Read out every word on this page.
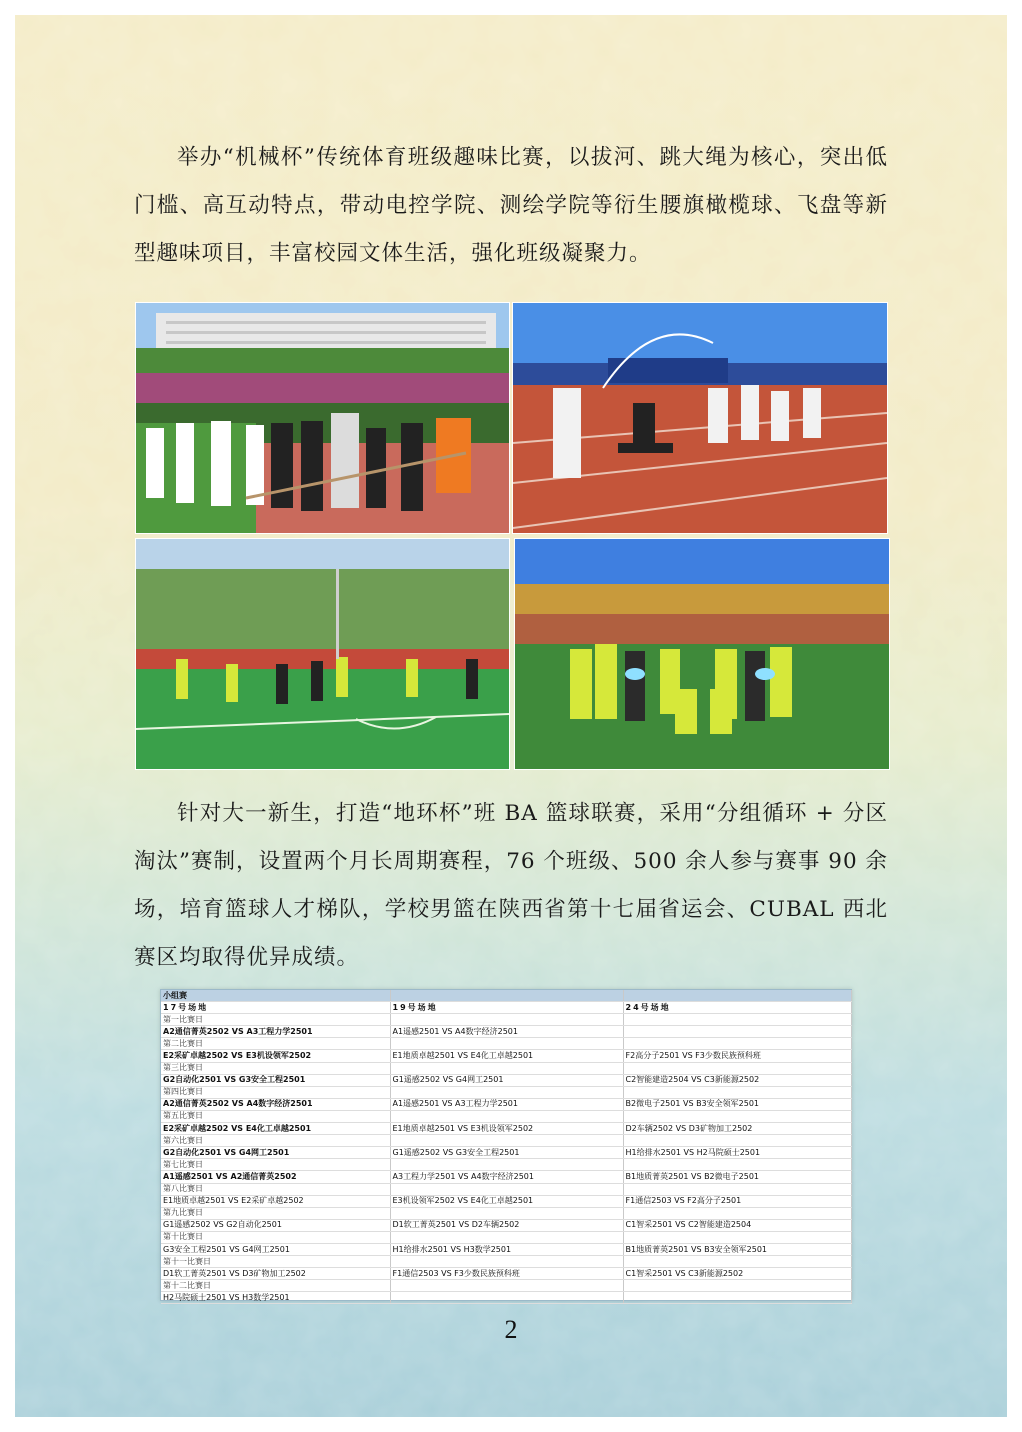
举办“机械杯”传统体育班级趣味比赛，以拔河、跳大绳为核心，突出低门槛、高互动特点，带动电控学院、测绘学院等衍生腰旗橄榄球、飞盘等新型趣味项目，丰富校园文体生活，强化班级凝聚力。

针对大一新生，打造“地环杯”班 BA 篮球联赛，采用“分组循环 + 分区淘汰”赛制，设置两个月长周期赛程，76 个班级、500 余人参与赛事 90 余场，培育篮球人才梯队，学校男篮在陕西省第十七届省运会、CUBAL 西北赛区均取得优异成绩。

小组赛		
17号场地	19号场地	24号场地
第一比赛日		
A2通信菁英2502 VS A3工程力学2501	A1遥感2501 VS A4数字经济2501	
第二比赛日		
E2采矿卓越2502 VS E3机设领军2502	E1地质卓越2501 VS E4化工卓越2501	F2高分子2501 VS F3少数民族预科班
第三比赛日		
G2自动化2501 VS G3安全工程2501	G1遥感2502 VS G4网工2501	C2智能建造2504 VS C3新能源2502
第四比赛日		
A2通信菁英2502 VS A4数字经济2501	A1遥感2501 VS A3工程力学2501	B2微电子2501 VS B3安全领军2501
第五比赛日		
E2采矿卓越2502 VS E4化工卓越2501	E1地质卓越2501 VS E3机设领军2502	D2车辆2502 VS D3矿物加工2502
第六比赛日		
G2自动化2501 VS G4网工2501	G1遥感2502 VS G3安全工程2501	H1给排水2501 VS H2马院硕士2501
第七比赛日		
A1遥感2501 VS A2通信菁英2502	A3工程力学2501 VS A4数字经济2501	B1地质菁英2501 VS B2微电子2501
第八比赛日		
E1地质卓越2501 VS E2采矿卓越2502	E3机设领军2502 VS E4化工卓越2501	F1通信2503 VS F2高分子2501
第九比赛日		
G1遥感2502 VS G2自动化2501	D1软工菁英2501 VS D2车辆2502	C1智采2501 VS C2智能建造2504
第十比赛日		
G3安全工程2501 VS G4网工2501	H1给排水2501 VS H3数学2501	B1地质菁英2501 VS B3安全领军2501
第十一比赛日		
D1软工菁英2501 VS D3矿物加工2502	F1通信2503 VS F3少数民族预科班	C1智采2501 VS C3新能源2502
第十二比赛日		
H2马院硕士2501 VS H3数学2501		
2
